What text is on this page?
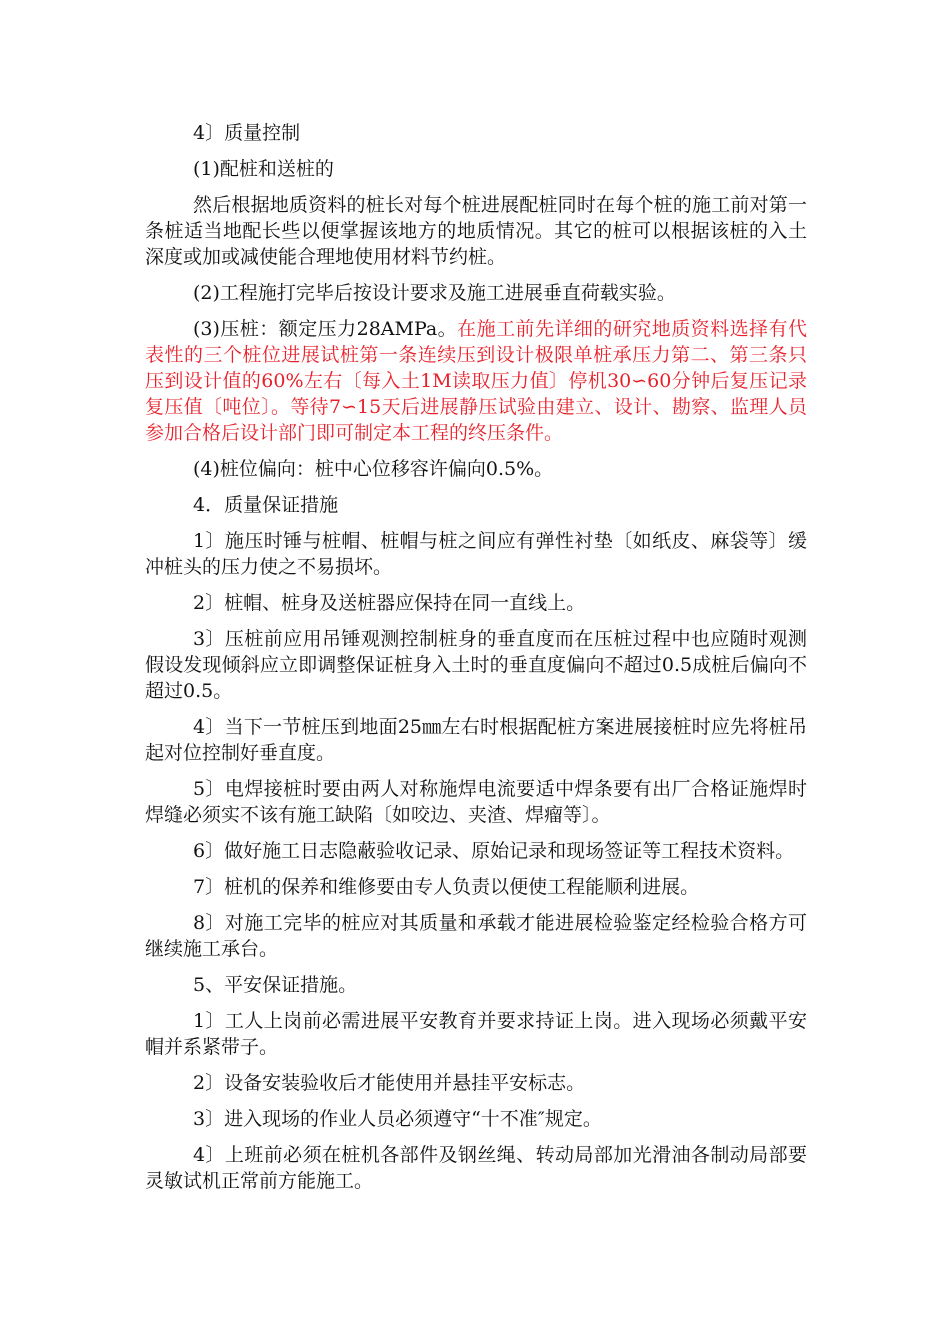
4〕质量控制

(1)配桩和送桩的

然后根据地质资料的桩长对每个桩进展配桩同时在每个桩的施工前对第一条桩适当地配长些以便掌握该地方的地质情况。其它的桩可以根据该桩的入土深度或加或减使能合理地使用材料节约桩。

(2)工程施打完毕后按设计要求及施工进展垂直荷载实验。

(3)压桩：额定压力28AMPa。在施工前先详细的研究地质资料选择有代表性的三个桩位进展试桩第一条连续压到设计极限单桩承压力第二、第三条只压到设计值的60%左右〔每入土1M读取压力值〕停机30∽60分钟后复压记录复压值〔吨位〕。等待7∽15天后进展静压试验由建立、设计、勘察、监理人员参加合格后设计部门即可制定本工程的终压条件。

(4)桩位偏向：桩中心位移容许偏向0.5%。

4．质量保证措施

1〕施压时锤与桩帽、桩帽与桩之间应有弹性衬垫〔如纸皮、麻袋等〕缓冲桩头的压力使之不易损坏。

2〕桩帽、桩身及送桩器应保持在同一直线上。

3〕压桩前应用吊锤观测控制桩身的垂直度而在压桩过程中也应随时观测假设发现倾斜应立即调整保证桩身入土时的垂直度偏向不超过0.5成桩后偏向不超过0.5。

4〕当下一节桩压到地面25㎜左右时根据配桩方案进展接桩时应先将桩吊起对位控制好垂直度。

5〕电焊接桩时要由两人对称施焊电流要适中焊条要有出厂合格证施焊时焊缝必须实不该有施工缺陷〔如咬边、夹渣、焊瘤等〕。

6〕做好施工日志隐蔽验收记录、原始记录和现场签证等工程技术资料。

7〕桩机的保养和维修要由专人负责以便使工程能顺利进展。

8〕对施工完毕的桩应对其质量和承载才能进展检验鉴定经检验合格方可继续施工承台。

5、平安保证措施。

1〕工人上岗前必需进展平安教育并要求持证上岗。进入现场必须戴平安帽并系紧带子。

2〕设备安装验收后才能使用并悬挂平安标志。

3〕进入现场的作业人员必须遵守“十不准″规定。

4〕上班前必须在桩机各部件及钢丝绳、转动局部加光滑油各制动局部要灵敏试机正常前方能施工。
